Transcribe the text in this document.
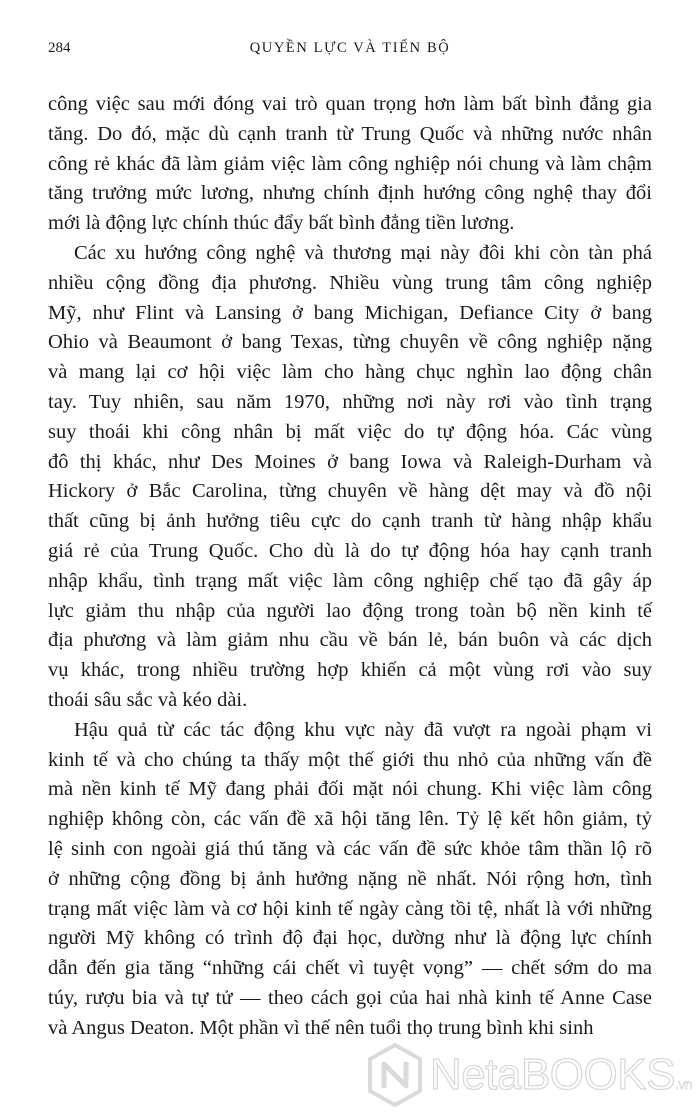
284	QUYỀN LỰC VÀ TIẾN BỘ
công việc sau mới đóng vai trò quan trọng hơn làm bất bình đẳng gia
tăng. Do đó, mặc dù cạnh tranh từ Trung Quốc và những nước nhân
công rẻ khác đã làm giảm việc làm công nghiệp nói chung và làm chậm
tăng trưởng mức lương, nhưng chính định hướng công nghệ thay đổi
mới là động lực chính thúc đẩy bất bình đẳng tiền lương.
Các xu hướng công nghệ và thương mại này đôi khi còn tàn phá
nhiều cộng đồng địa phương. Nhiều vùng trung tâm công nghiệp
Mỹ, như Flint và Lansing ở bang Michigan, Defiance City ở bang
Ohio và Beaumont ở bang Texas, từng chuyên về công nghiệp nặng
và mang lại cơ hội việc làm cho hàng chục nghìn lao động chân
tay. Tuy nhiên, sau năm 1970, những nơi này rơi vào tình trạng
suy thoái khi công nhân bị mất việc do tự động hóa. Các vùng
đô thị khác, như Des Moines ở bang Iowa và Raleigh-Durham và
Hickory ở Bắc Carolina, từng chuyên về hàng dệt may và đồ nội
thất cũng bị ảnh hưởng tiêu cực do cạnh tranh từ hàng nhập khẩu
giá rẻ của Trung Quốc. Cho dù là do tự động hóa hay cạnh tranh
nhập khẩu, tình trạng mất việc làm công nghiệp chế tạo đã gây áp
lực giảm thu nhập của người lao động trong toàn bộ nền kinh tế
địa phương và làm giảm nhu cầu về bán lẻ, bán buôn và các dịch
vụ khác, trong nhiều trường hợp khiến cả một vùng rơi vào suy
thoái sâu sắc và kéo dài.
Hậu quả từ các tác động khu vực này đã vượt ra ngoài phạm vi
kinh tế và cho chúng ta thấy một thế giới thu nhỏ của những vấn đề
mà nền kinh tế Mỹ đang phải đối mặt nói chung. Khi việc làm công
nghiệp không còn, các vấn đề xã hội tăng lên. Tỷ lệ kết hôn giảm, tỷ
lệ sinh con ngoài giá thú tăng và các vấn đề sức khỏe tâm thần lộ rõ
ở những cộng đồng bị ảnh hưởng nặng nề nhất. Nói rộng hơn, tình
trạng mất việc làm và cơ hội kinh tế ngày càng tồi tệ, nhất là với những
người Mỹ không có trình độ đại học, dường như là động lực chính
dẫn đến gia tăng “những cái chết vì tuyệt vọng” — chết sớm do ma
túy, rượu bia và tự tử — theo cách gọi của hai nhà kinh tế Anne Case
và Angus Deaton. Một phần vì thế nên tuổi thọ trung bình khi sinh
NetaBOOKS.vn
